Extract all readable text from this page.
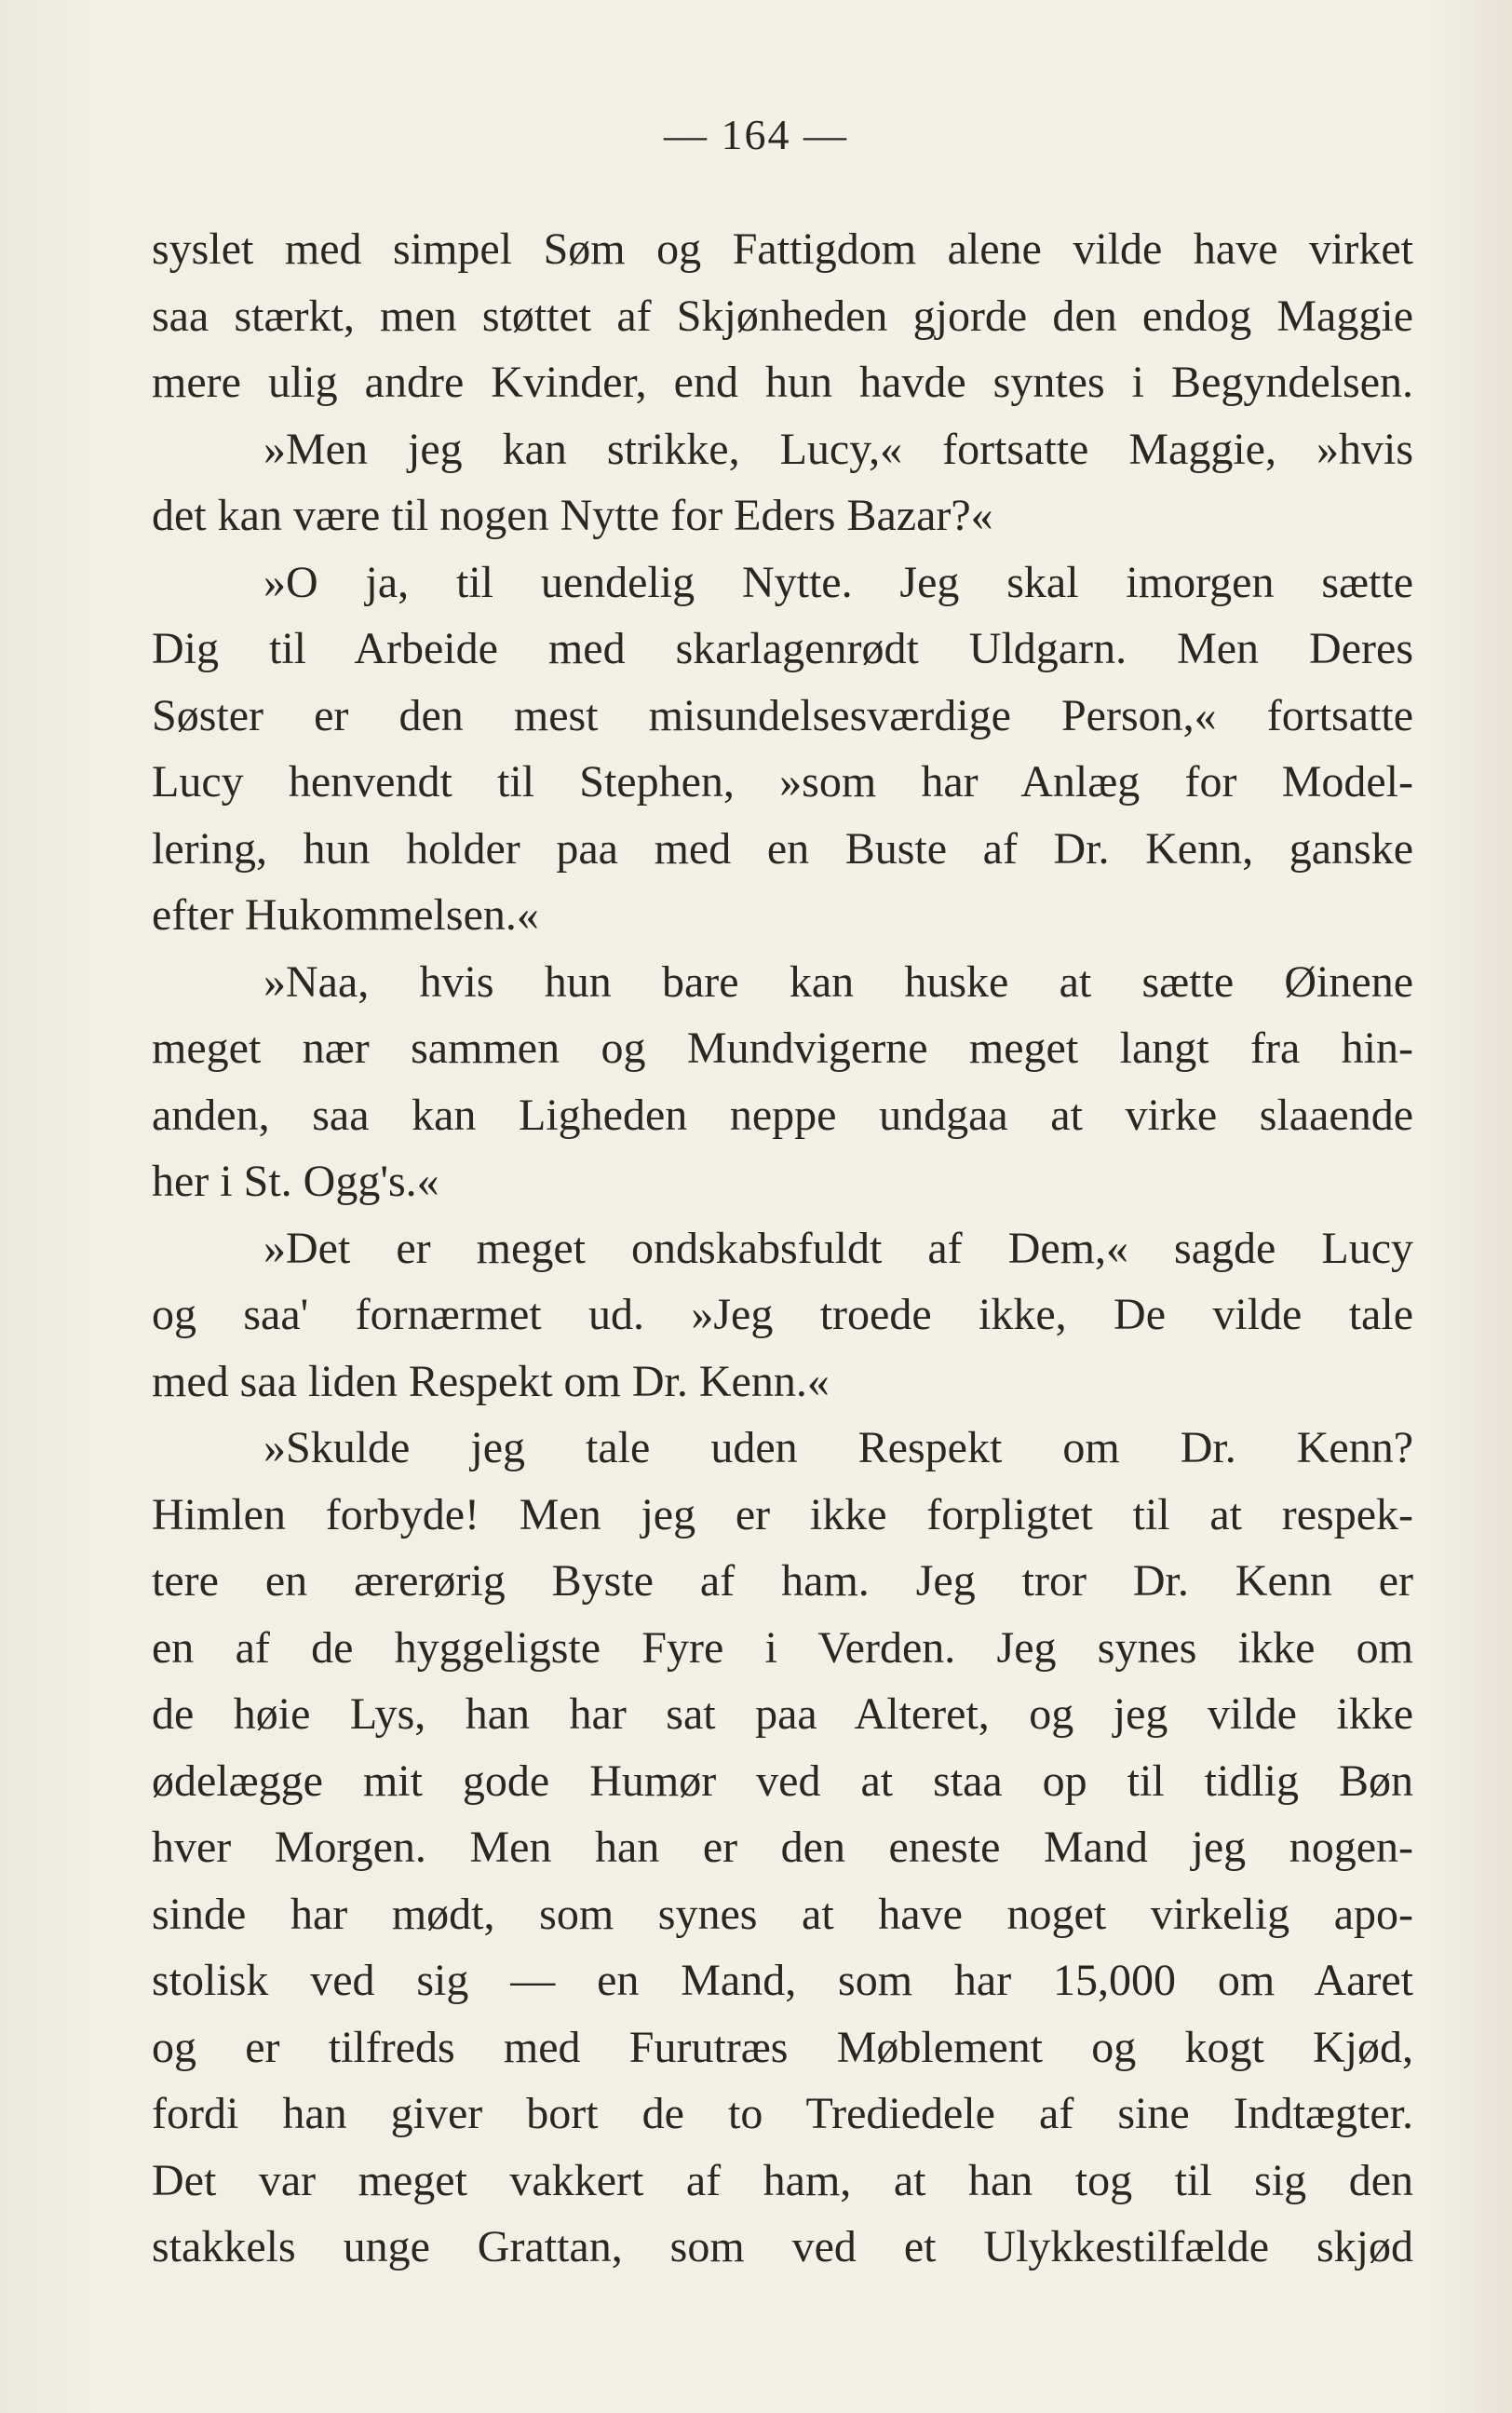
— 164 —
syslet med simpel Søm og Fattigdom alene vilde have virket
saa stærkt, men støttet af Skjønheden gjorde den endog Maggie
mere ulig andre Kvinder, end hun havde syntes i Begyndelsen.
»Men jeg kan strikke, Lucy,« fortsatte Maggie, »hvis
det kan være til nogen Nytte for Eders Bazar?«
»O ja, til uendelig Nytte. Jeg skal imorgen sætte
Dig til Arbeide med skarlagenrødt Uldgarn. Men Deres
Søster er den mest misundelsesværdige Person,« fortsatte
Lucy henvendt til Stephen, »som har Anlæg for Model-
lering, hun holder paa med en Buste af Dr. Kenn, ganske
efter Hukommelsen.«
»Naa, hvis hun bare kan huske at sætte Øinene
meget nær sammen og Mundvigerne meget langt fra hin-
anden, saa kan Ligheden neppe undgaa at virke slaaende
her i St. Ogg's.«
»Det er meget ondskabsfuldt af Dem,« sagde Lucy
og saa' fornærmet ud. »Jeg troede ikke, De vilde tale
med saa liden Respekt om Dr. Kenn.«
»Skulde jeg tale uden Respekt om Dr. Kenn?
Himlen forbyde! Men jeg er ikke forpligtet til at respek-
tere en ærerørig Byste af ham. Jeg tror Dr. Kenn er
en af de hyggeligste Fyre i Verden. Jeg synes ikke om
de høie Lys, han har sat paa Alteret, og jeg vilde ikke
ødelægge mit gode Humør ved at staa op til tidlig Bøn
hver Morgen. Men han er den eneste Mand jeg nogen-
sinde har mødt, som synes at have noget virkelig apo-
stolisk ved sig — en Mand, som har 15,000 om Aaret
og er tilfreds med Furutræs Møblement og kogt Kjød,
fordi han giver bort de to Trediedele af sine Indtægter.
Det var meget vakkert af ham, at han tog til sig den
stakkels unge Grattan, som ved et Ulykkestilfælde skjød
